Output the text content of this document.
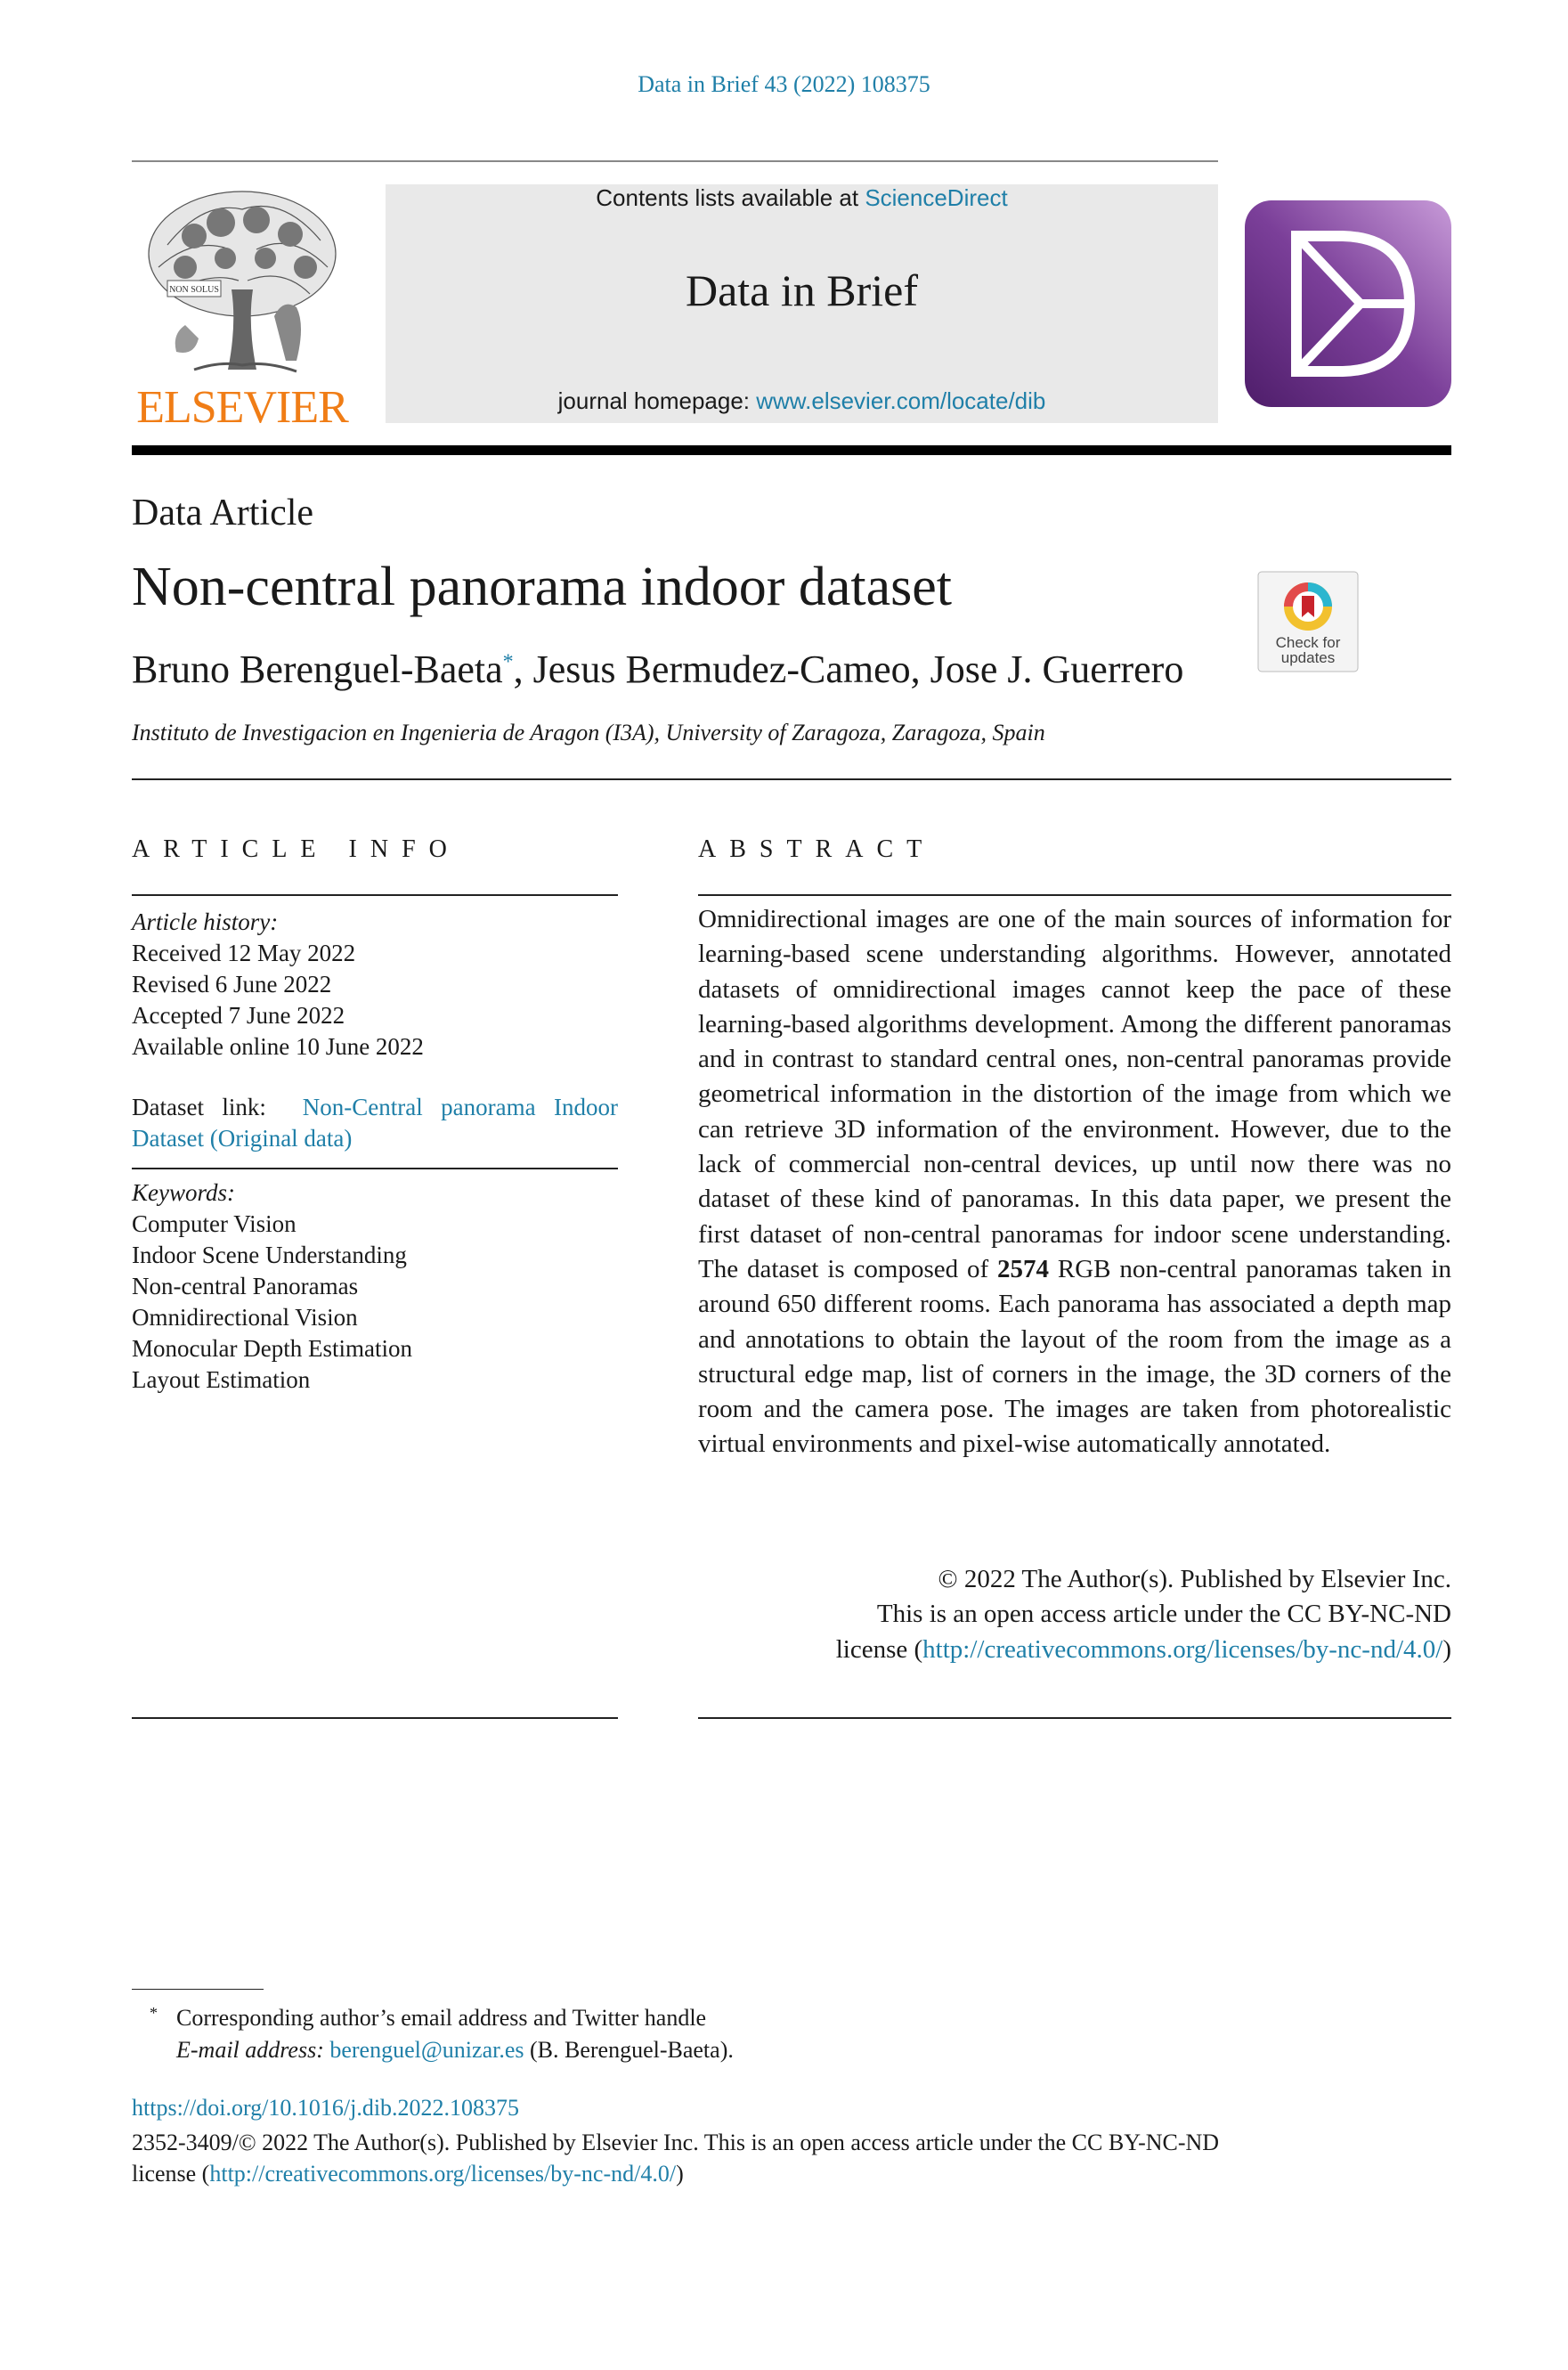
Data in Brief 43 (2022) 108375
NON SOLUS
ELSEVIER
Contents lists available at ScienceDirect
Data in Brief
journal homepage: www.elsevier.com/locate/dib
Data Article
Non-central panorama indoor dataset
Check for
updates
Bruno Berenguel-Baeta*, Jesus Bermudez-Cameo, Jose J. Guerrero
Instituto de Investigacion en Ingenieria de Aragon (I3A), University of Zaragoza, Zaragoza, Spain
ARTICLE INFO	ABSTRACT
Article history:
Received 12 May 2022
Revised 6 June 2022
Accepted 7 June 2022
Available online 10 June 2022
Dataset link: Non-Central panorama Indoor Dataset (Original data)
Keywords:
Computer Vision
Indoor Scene Understanding
Non-central Panoramas
Omnidirectional Vision
Monocular Depth Estimation
Layout Estimation
Omnidirectional images are one of the main sources of information for learning-based scene understanding algorithms. However, annotated datasets of omnidirectional images cannot keep the pace of these learning-based algorithms development. Among the different panoramas and in contrast to standard central ones, non-central panoramas provide geometrical information in the distortion of the image from which we can retrieve 3D information of the environment. However, due to the lack of commercial non-central devices, up until now there was no dataset of these kind of panoramas. In this data paper, we present the first dataset of non-central panoramas for indoor scene understanding. The dataset is composed of 2574 RGB non-central panoramas taken in around 650 different rooms. Each panorama has associated a depth map and annotations to obtain the layout of the room from the image as a structural edge map, list of corners in the image, the 3D corners of the room and the camera pose. The images are taken from photorealistic virtual environments and pixel-wise automatically annotated.
© 2022 The Author(s). Published by Elsevier Inc.
This is an open access article under the CC BY-NC-ND
license (http://creativecommons.org/licenses/by-nc-nd/4.0/)
* Corresponding author’s email address and Twitter handle
E-mail address: berenguel@unizar.es (B. Berenguel-Baeta).
https://doi.org/10.1016/j.dib.2022.108375
2352-3409/© 2022 The Author(s). Published by Elsevier Inc. This is an open access article under the CC BY-NC-ND
license (http://creativecommons.org/licenses/by-nc-nd/4.0/)
